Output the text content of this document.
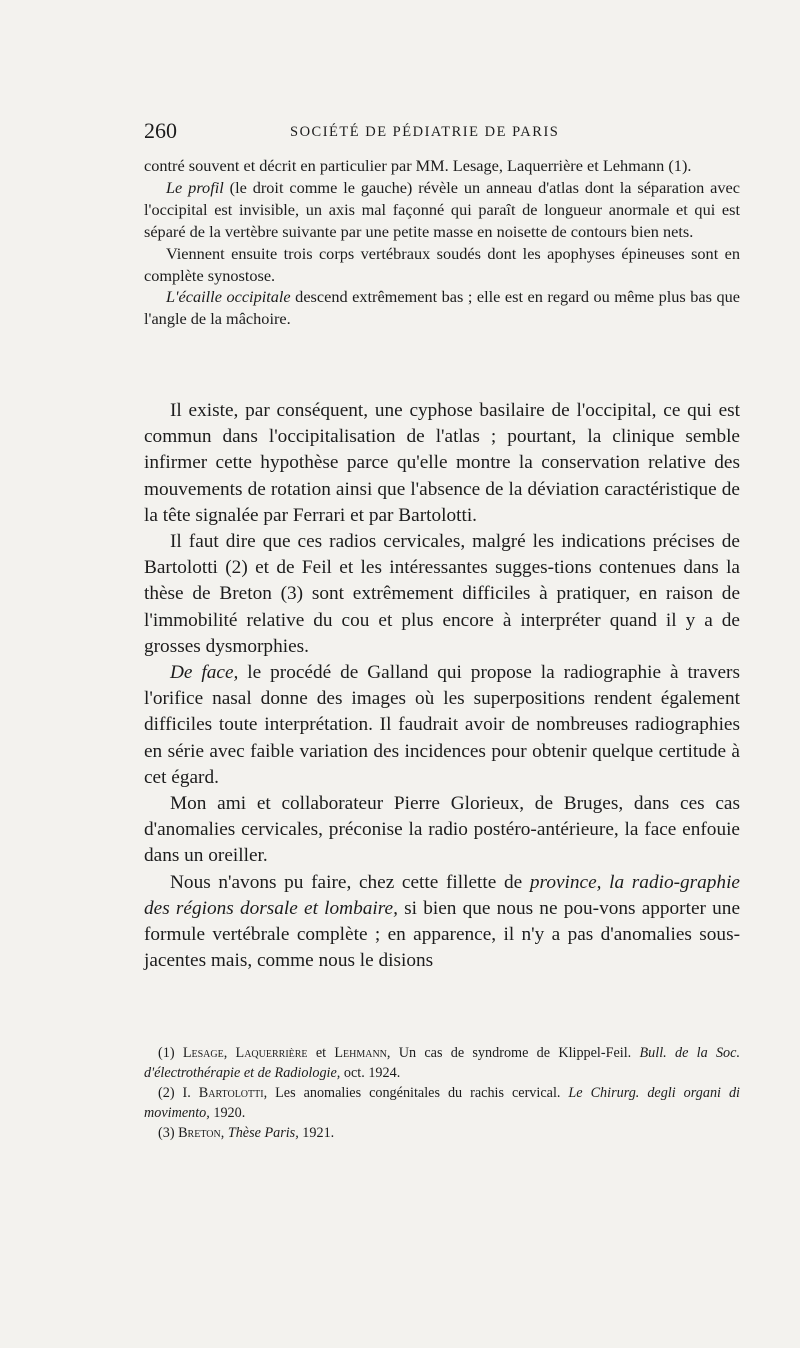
260	SOCIÉTÉ DE PÉDIATRIE DE PARIS

contré souvent et décrit en particulier par MM. Lesage, Laquerrière et Lehmann (1).

Le profil (le droit comme le gauche) révèle un anneau d'atlas dont la séparation avec l'occipital est invisible, un axis mal façonné qui paraît de longueur anormale et qui est séparé de la vertèbre suivante par une petite masse en noisette de contours bien nets.

Viennent ensuite trois corps vertébraux soudés dont les apophyses épineuses sont en complète synostose.

L'écaille occipitale descend extrêmement bas ; elle est en regard ou même plus bas que l'angle de la mâchoire.

Il existe, par conséquent, une cyphose basilaire de l'occipital, ce qui est commun dans l'occipitalisation de l'atlas ; pourtant, la clinique semble infirmer cette hypothèse parce qu'elle montre la conservation relative des mouvements de rotation ainsi que l'absence de la déviation caractéristique de la tête signalée par Ferrari et par Bartolotti.

Il faut dire que ces radios cervicales, malgré les indications précises de Bartolotti (2) et de Feil et les intéressantes sugges-tions contenues dans la thèse de Breton (3) sont extrêmement difficiles à pratiquer, en raison de l'immobilité relative du cou et plus encore à interpréter quand il y a de grosses dysmorphies.

De face, le procédé de Galland qui propose la radiographie à travers l'orifice nasal donne des images où les superpositions rendent également difficiles toute interprétation. Il faudrait avoir de nombreuses radiographies en série avec faible variation des incidences pour obtenir quelque certitude à cet égard.

Mon ami et collaborateur Pierre Glorieux, de Bruges, dans ces cas d'anomalies cervicales, préconise la radio postéro-antérieure, la face enfouie dans un oreiller.

Nous n'avons pu faire, chez cette fillette de province, la radio-graphie des régions dorsale et lombaire, si bien que nous ne pou-vons apporter une formule vertébrale complète ; en apparence, il n'y a pas d'anomalies sous-jacentes mais, comme nous le disions

(1) Lesage, Laquerrière et Lehmann, Un cas de syndrome de Klippel-Feil. Bull. de la Soc. d'électrothérapie et de Radiologie, oct. 1924.

(2) I. Bartolotti, Les anomalies congénitales du rachis cervical. Le Chirurg. degli organi di movimento, 1920.

(3) Breton, Thèse Paris, 1921.
